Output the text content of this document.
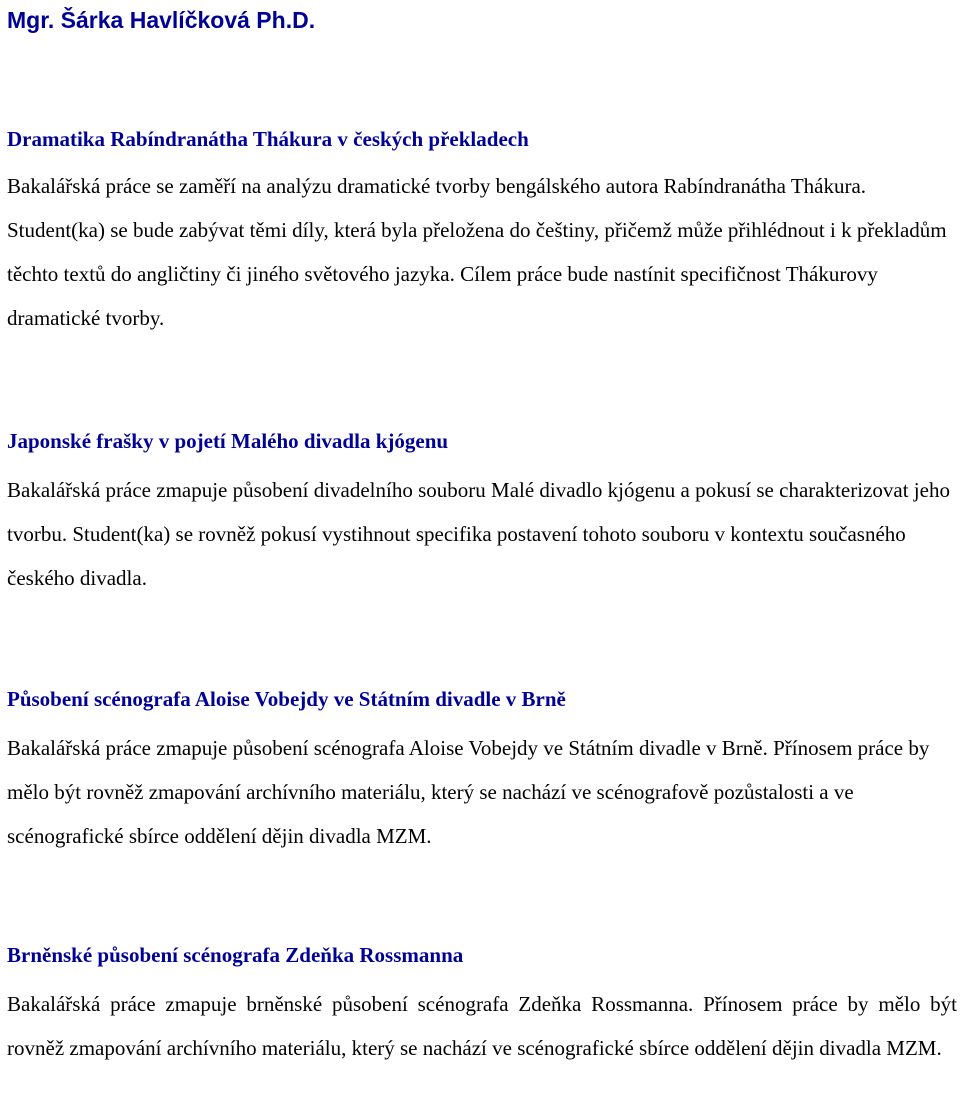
Mgr. Šárka Havlíčková Ph.D.
Dramatika Rabíndranátha Thákura v českých překladech

Bakalářská práce se zaměří na analýzu dramatické tvorby bengálského autora Rabíndranátha Thákura. Student(ka) se bude zabývat těmi díly, která byla přeložena do češtiny, přičemž může přihlédnout i k překladům těchto textů do angličtiny či jiného světového jazyka. Cílem práce bude nastínit specifičnost Thákurovy dramatické tvorby.

Japonské frašky v pojetí Malého divadla kjógenu

Bakalářská práce zmapuje působení divadelního souboru Malé divadlo kjógenu a pokusí se charakterizovat jeho tvorbu. Student(ka) se rovněž pokusí vystihnout specifika postavení tohoto souboru v kontextu současného českého divadla.

Působení scénografa Aloise Vobejdy ve Státním divadle v Brně

Bakalářská práce zmapuje působení scénografa Aloise Vobejdy ve Státním divadle v Brně. Přínosem práce by mělo být rovněž zmapování archívního materiálu, který se nachází ve scénografově pozůstalosti a ve scénografické sbírce oddělení dějin divadla MZM.

Brněnské působení scénografa Zdeňka Rossmanna

Bakalářská práce zmapuje brněnské působení scénografa Zdeňka Rossmanna. Přínosem práce by mělo být rovněž zmapování archívního materiálu, který se nachází ve scénografické sbírce oddělení dějin divadla MZM.
